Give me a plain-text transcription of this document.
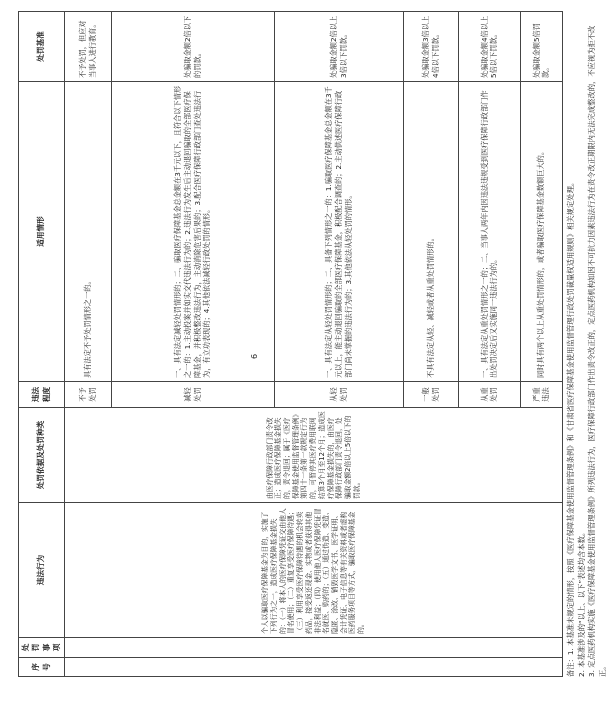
6
序号	处罚事项	违法行为	处罚依据及处罚种类	违法程度	适用情形	处罚基准
		个人以骗取医疗保障基金为目的，实施了下列行为之一，造成医疗保障基金损失的：（一）将本人的医疗保障凭证交由他人冒名使用；（二）重复享受医疗保障待遇；（三）利用享受医疗保障待遇的机会转卖药品，接受返还现金、实物或者获得其他非法利益；（四）使用他人医疗保障凭证冒名就医、购药的；（五）通过伪造、变造、隐匿、涂改、销毁医学文书、医学证明、会计凭证、电子信息等有关资料或者虚构医药服务项目等方式，骗取医疗保障基金的。	由医疗保障行政部门责令改正；造成医疗保障基金损失的，责令退回；属于《医疗保障基金使用监督管理条例》第四十一条第一款规定行为的，可暂停其医疗费用联网结算3个月至12个月；造成医疗保障基金损失的，由医疗保障行政部门责令退回，处骗取金额2倍以上5倍以下的罚款。	不予处罚	具有法定不予处罚情形之一的。	不予处罚，但应对当事人进行教育。
				减轻处罚	一、具有法定减轻处罚情形的；二、骗取医疗保障基金总金额在3千元以下，且符合以下情形之一的：1.主动投案并如实交代违法行为的；2.违法行为发生后主动退回骗取的全部医疗保障基金，并积极整改违法行为，主动消除危害后果的；3.配合医疗保障行政部门查处违法行为，有立功表现的；4.其他依法减轻行政处罚的情形。	处骗取金额2倍以下的罚款。
				从轻处罚	一、具有法定从轻处罚情形的；二、具备下列情形之一的：1.骗取医疗保障基金总金额在3千元以上，能主动退回骗取的全部医疗保障基金，积极配合调查的；2.主动供述医疗保障行政部门尚未掌握的违法行为的；3.其他依法从轻处罚的情形。	处骗取金额2倍以上3倍以下罚款。
				一般处罚	不具有法定从轻、减轻或者从重处罚情形的。	处骗取金额3倍以上4倍以下罚款。
				从重处罚	一、具有法定从重处罚情形之一的；二、当事人两年内因违法违规受到医疗保障行政部门作出处罚决定后又实施同一违法行为的。	处骗取金额4倍以上5倍以下罚款。
				严重违法	同时具有两个以上从重处罚情形的，或者骗取医疗保障基金数额巨大的。	处骗取金额5倍罚款。
备注：1. 本基准未规定的情形，按照《医疗保障基金使用监督管理条例》和《甘肃省医疗保障基金使用监督管理行政处罚裁量权适用规则》相关规定处理。 2. 本基准涉及的“以上、以下”表述均含本数。 3. 定点医药机构实施《医疗保障基金使用监督管理条例》所列违法行为，医疗保障行政部门作出责令改正的，定点医药机构如因不可抗力因素违法行为在责令改正期限内无法完成整改的，不应视为拒不改正。
